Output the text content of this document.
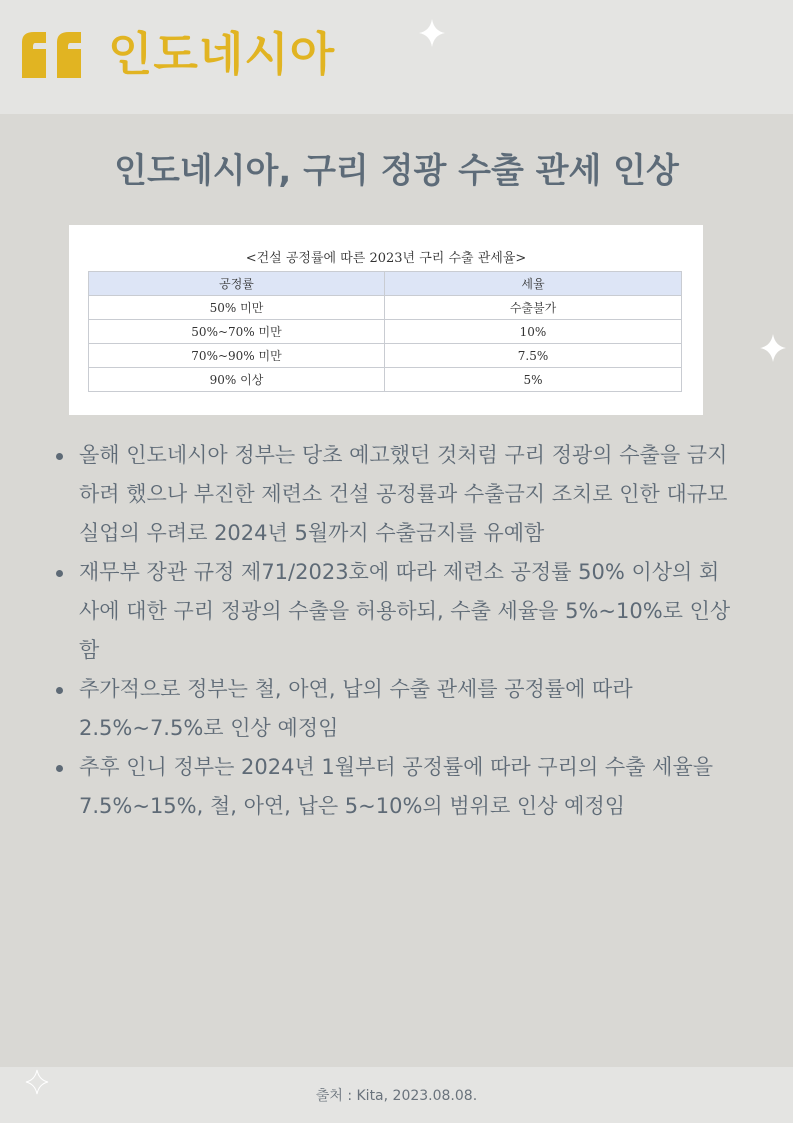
인도네시아
인도네시아, 구리 정광 수출 관세 인상
<건설 공정률에 따른 2023년 구리 수출 관세율>
공정률	세율
50% 미만	수출불가
50%~70% 미만	10%
70%~90% 미만	7.5%
90% 이상	5%
올해 인도네시아 정부는 당초 예고했던 것처럼 구리 정광의 수출을 금지하려 했으나 부진한 제련소 건설 공정률과 수출금지 조치로 인한 대규모 실업의 우려로 2024년 5월까지 수출금지를 유예함
재무부 장관 규정 제71/2023호에 따라 제련소 공정률 50% 이상의 회사에 대한 구리 정광의 수출을 허용하되, 수출 세율을 5%~10%로 인상함
추가적으로 정부는 철, 아연, 납의 수출 관세를 공정률에 따라 2.5%~7.5%로 인상 예정임
추후 인니 정부는 2024년 1월부터 공정률에 따라 구리의 수출 세율을 7.5%~15%, 철, 아연, 납은 5~10%의 범위로 인상 예정임
출처 : Kita, 2023.08.08.
